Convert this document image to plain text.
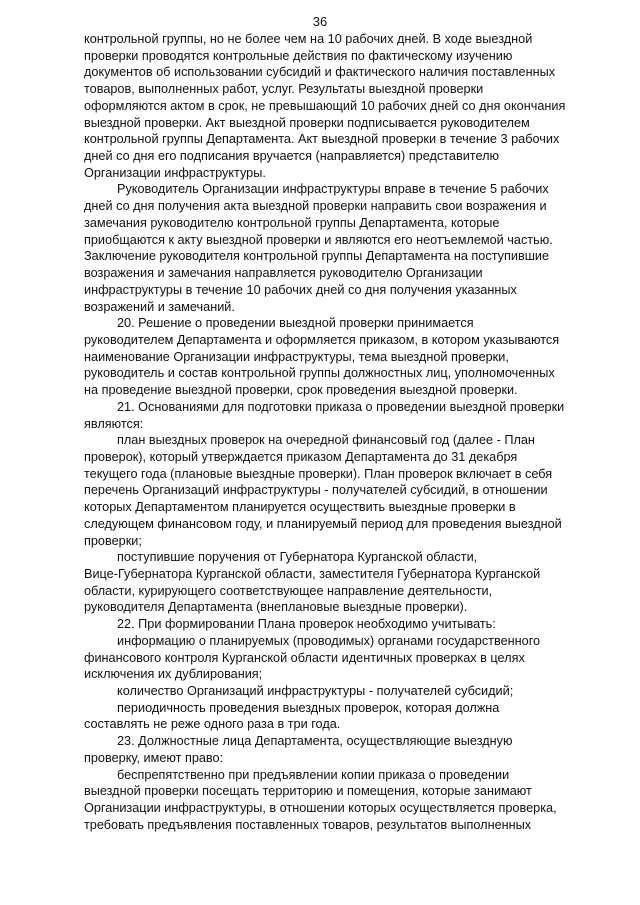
36

контрольной группы, но не более чем на 10 рабочих дней. В ходе выездной
проверки проводятся контрольные действия по фактическому изучению
документов об использовании субсидий и фактического наличия поставленных
товаров, выполненных работ, услуг. Результаты выездной проверки
оформляются актом в срок, не превышающий 10 рабочих дней со дня окончания
выездной проверки. Акт выездной проверки подписывается руководителем
контрольной группы Департамента. Акт выездной проверки в течение 3 рабочих
дней со дня его подписания вручается (направляется) представителю
Организации инфраструктуры.

Руководитель Организации инфраструктуры вправе в течение 5 рабочих
дней со дня получения акта выездной проверки направить свои возражения и
замечания руководителю контрольной группы Департамента, которые
приобщаются к акту выездной проверки и являются его неотъемлемой частью.
Заключение руководителя контрольной группы Департамента на поступившие
возражения и замечания направляется руководителю Организации
инфраструктуры в течение 10 рабочих дней со дня получения указанных
возражений и замечаний.

20. Решение о проведении выездной проверки принимается
руководителем Департамента и оформляется приказом, в котором указываются
наименование Организации инфраструктуры, тема выездной проверки,
руководитель и состав контрольной группы должностных лиц, уполномоченных
на проведение выездной проверки, срок проведения выездной проверки.

21. Основаниями для подготовки приказа о проведении выездной проверки
являются:

план выездных проверок на очередной финансовый год (далее - План
проверок), который утверждается приказом Департамента до 31 декабря
текущего года (плановые выездные проверки). План проверок включает в себя
перечень Организаций инфраструктуры - получателей субсидий, в отношении
которых Департаментом планируется осуществить выездные проверки в
следующем финансовом году, и планируемый период для проведения выездной
проверки;

поступившие поручения от Губернатора Курганской области,
Вице-Губернатора Курганской области, заместителя Губернатора Курганской
области, курирующего соответствующее направление деятельности,
руководителя Департамента (внеплановые выездные проверки).

22. При формировании Плана проверок необходимо учитывать:

информацию о планируемых (проводимых) органами государственного
финансового контроля Курганской области идентичных проверках в целях
исключения их дублирования;

количество Организаций инфраструктуры - получателей субсидий;

периодичность проведения выездных проверок, которая должна
составлять не реже одного раза в три года.

23. Должностные лица Департамента, осуществляющие выездную
проверку, имеют право:

беспрепятственно при предъявлении копии приказа о проведении
выездной проверки посещать территорию и помещения, которые занимают
Организации инфраструктуры, в отношении которых осуществляется проверка,
требовать предъявления поставленных товаров, результатов выполненных
